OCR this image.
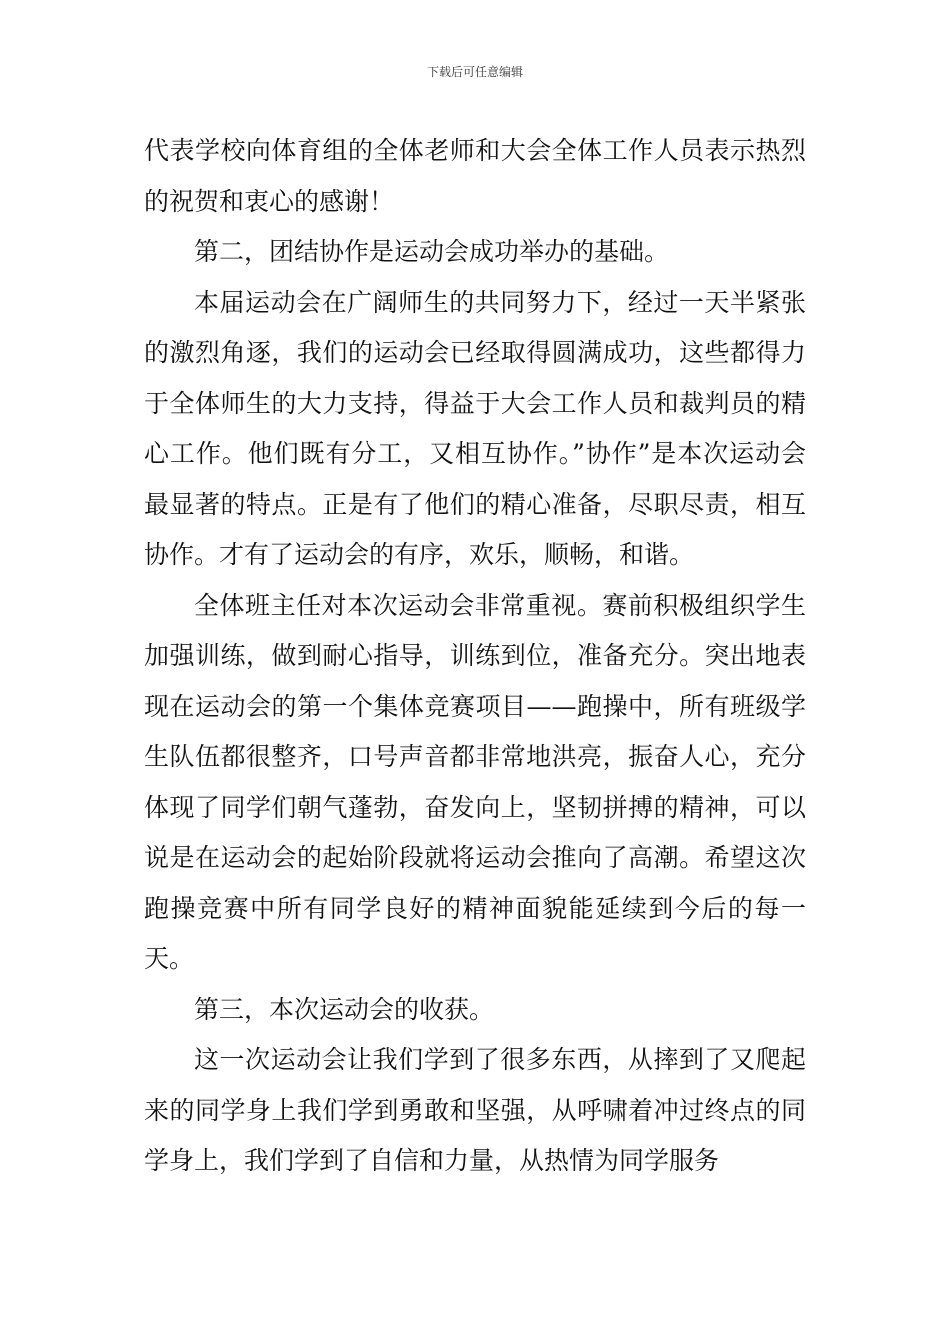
下载后可任意编辑

代表学校向体育组的全体老师和大会全体工作人员表示热烈的祝贺和衷心的感谢！

第二，团结协作是运动会成功举办的基础。

本届运动会在广阔师生的共同努力下，经过一天半紧张的激烈角逐，我们的运动会已经取得圆满成功，这些都得力于全体师生的大力支持，得益于大会工作人员和裁判员的精心工作。他们既有分工，又相互协作。”协作”是本次运动会最显著的特点。正是有了他们的精心准备，尽职尽责，相互协作。才有了运动会的有序，欢乐，顺畅，和谐。

全体班主任对本次运动会非常重视。赛前积极组织学生加强训练，做到耐心指导，训练到位，准备充分。突出地表现在运动会的第一个集体竞赛项目——跑操中，所有班级学生队伍都很整齐，口号声音都非常地洪亮，振奋人心，充分体现了同学们朝气蓬勃，奋发向上，坚韧拼搏的精神，可以说是在运动会的起始阶段就将运动会推向了高潮。希望这次跑操竞赛中所有同学良好的精神面貌能延续到今后的每一天。

第三，本次运动会的收获。

这一次运动会让我们学到了很多东西，从摔到了又爬起来的同学身上我们学到勇敢和坚强，从呼啸着冲过终点的同学身上，我们学到了自信和力量，从热情为同学服务
